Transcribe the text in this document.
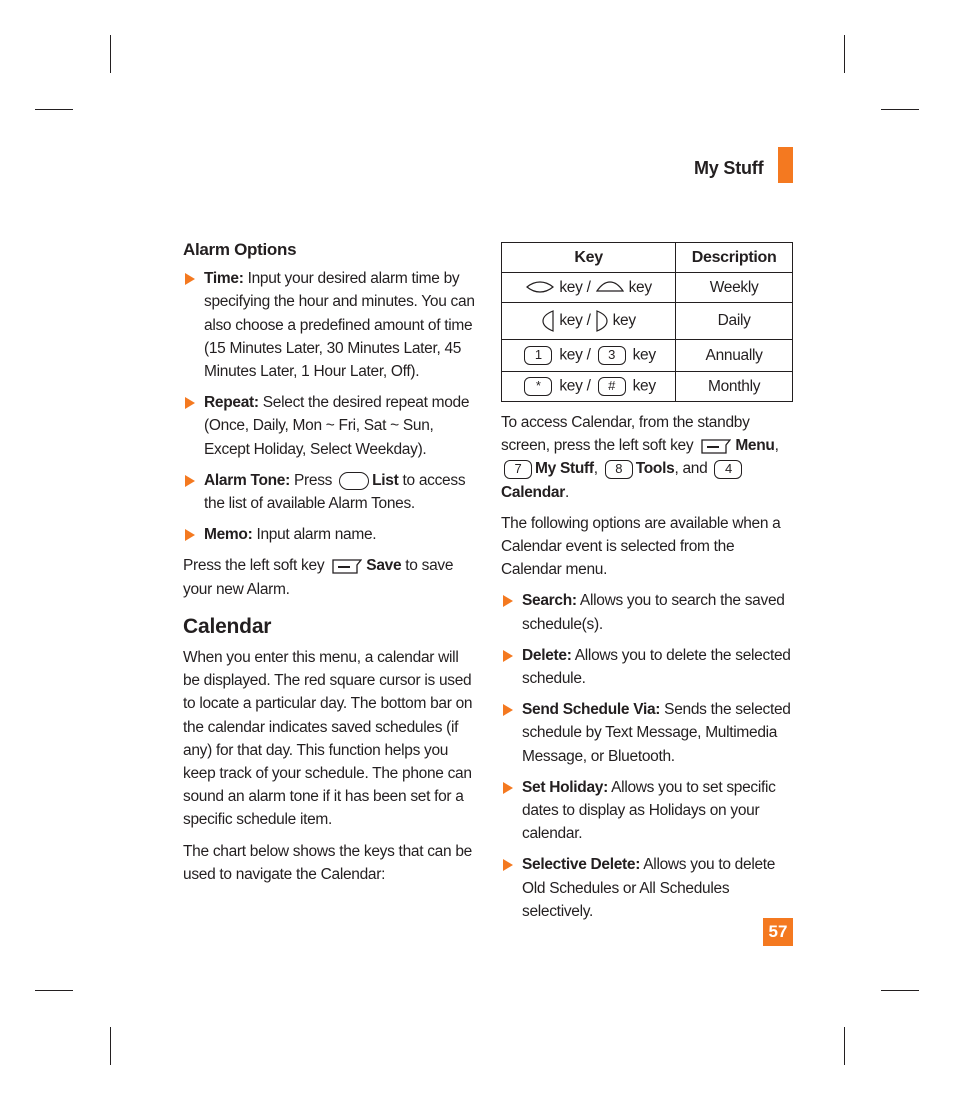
My Stuff
Alarm Options
Time: Input your desired alarm time by specifying the hour and minutes. You can also choose a predefined amount of time (15 Minutes Later, 30 Minutes Later, 45 Minutes Later, 1 Hour Later, Off).
Repeat: Select the desired repeat mode (Once, Daily, Mon ~ Fri, Sat ~ Sun, Except Holiday, Select Weekday).
Alarm Tone: Press List to access the list of available Alarm Tones.
Memo: Input alarm name.

Press the left soft key
Save to save your new Alarm.

Calendar

When you enter this menu, a calendar will be displayed. The red square cursor is used to locate a particular day. The bottom bar on the calendar indicates saved schedules (if any) for that day. This function helps you keep track of your schedule. The phone can sound an alarm tone if it has been set for a specific schedule item.

The chart below shows the keys that can be used to navigate the Calendar:

Key	Description
key /  key	Weekly
key /  key	Daily
1 key / 3 key	Annually
* key / # key	Monthly

To access Calendar, from the standby screen, press the left soft key
Menu, 7 My Stuff, 8 Tools, and 4Calendar.

The following options are available when a Calendar event is selected from the Calendar menu.

Search: Allows you to search the saved schedule(s).
Delete: Allows you to delete the selected schedule.
Send Schedule Via: Sends the selected schedule by Text Message, Multimedia Message, or Bluetooth.
Set Holiday: Allows you to set specific dates to display as Holidays on your calendar.
Selective Delete: Allows you to delete Old Schedules or All Schedules selectively.
57
